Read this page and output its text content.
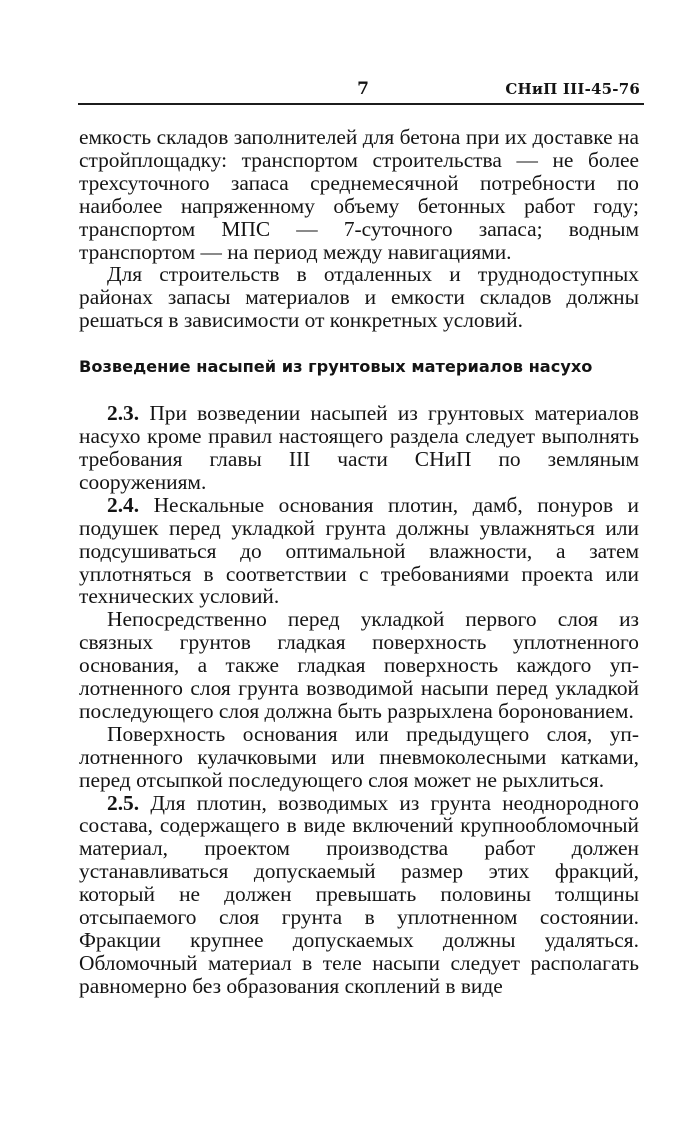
7	СНиП III-45-76

емкость складов заполнителей для бетона при их доставке на стройплощадку: транспортом строительства — не более трехсуточного запаса среднемесячной потребности по наиболее напряженному объему бетонных работ году; транспортом МПС — 7-суточного запаса; водным транспортом — на период между навигациями.

Для строительств в отдаленных и труднодоступных районах запасы материалов и емкости складов должны решаться в зависимости от конкретных условий.

Возведение насыпей из грунтовых материалов насухо

2.3. При возведении насыпей из грунтовых материалов насухо кроме правил настоящего раздела следует выполнять требования главы III части СНиП по земляным сооружениям.

2.4. Нескальные основания плотин, дамб, понуров и подушек перед укладкой грунта должны увлажняться или подсушиваться до оптимальной влажности, а затем уплотняться в соответствии с требованиями проекта или технических условий.

Непосредственно перед укладкой первого слоя из связных грунтов гладкая поверхность уплотненного основания, а также гладкая поверхность каждого уплотненного слоя грунта возводимой насыпи перед укладкой последующего слоя должна быть разрыхлена боронованием.

Поверхность основания или предыдущего слоя, уплотненного кулачковыми или пневмоколесными катками, перед отсыпкой последующего слоя может не рыхлиться.

2.5. Для плотин, возводимых из грунта неоднородного состава, содержащего в виде включений крупнообломочный материал, проектом производства работ должен устанавливаться допускаемый размер этих фракций, который не должен превышать половины толщины отсыпаемого слоя грунта в уплотненном состоянии. Фракции крупнее допускаемых должны удаляться. Обломочный материал в теле насыпи следует располагать равномерно без образования скоплений в виде
